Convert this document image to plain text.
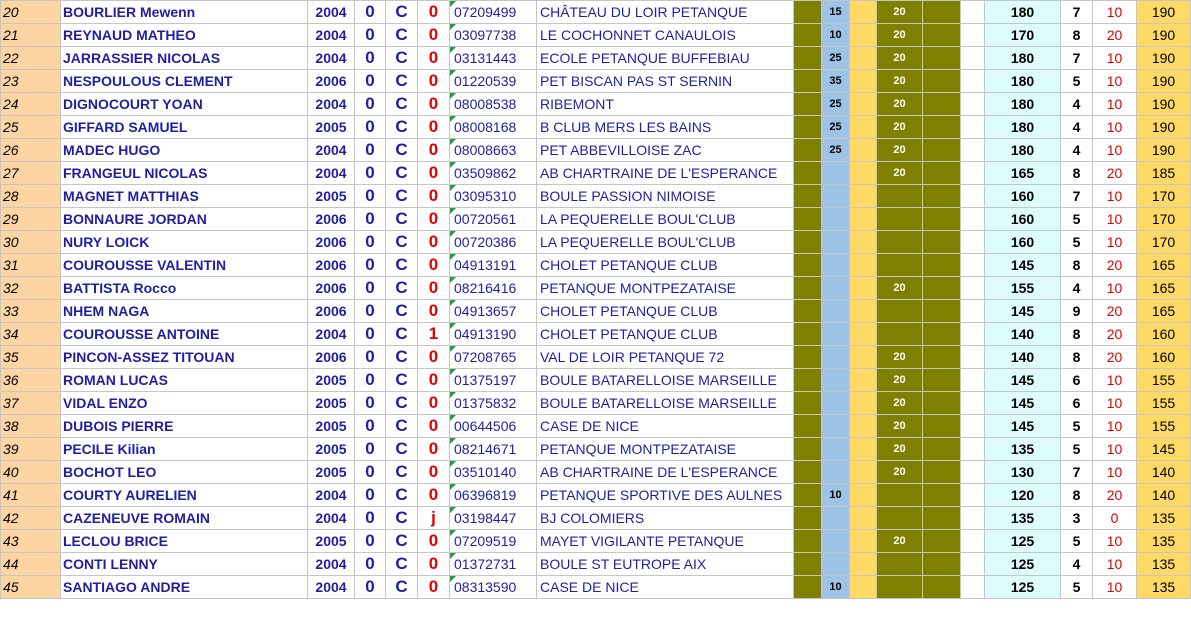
20	BOURLIER Mewenn	2004	0	C	0	07209499	CHÂTEAU DU LOIR PETANQUE		15		20			180	7	10	190
21	REYNAUD MATHEO	2004	0	C	0	03097738	LE COCHONNET CANAULOIS		10		20			170	8	20	190
22	JARRASSIER NICOLAS	2004	0	C	0	03131443	ECOLE PETANQUE BUFFEBIAU		25		20			180	7	10	190
23	NESPOULOUS CLEMENT	2006	0	C	0	01220539	PET BISCAN PAS ST SERNIN		35		20			180	5	10	190
24	DIGNOCOURT YOAN	2004	0	C	0	08008538	RIBEMONT		25		20			180	4	10	190
25	GIFFARD SAMUEL	2005	0	C	0	08008168	B CLUB MERS LES BAINS		25		20			180	4	10	190
26	MADEC HUGO	2004	0	C	0	08008663	PET ABBEVILLOISE ZAC		25		20			180	4	10	190
27	FRANGEUL NICOLAS	2004	0	C	0	03509862	AB CHARTRAINE DE L'ESPERANCE				20			165	8	20	185
28	MAGNET MATTHIAS	2005	0	C	0	03095310	BOULE PASSION NIMOISE							160	7	10	170
29	BONNAURE JORDAN	2006	0	C	0	00720561	LA PEQUERELLE BOUL'CLUB							160	5	10	170
30	NURY LOICK	2006	0	C	0	00720386	LA PEQUERELLE BOUL'CLUB							160	5	10	170
31	COUROUSSE VALENTIN	2006	0	C	0	04913191	CHOLET PETANQUE CLUB							145	8	20	165
32	BATTISTA Rocco	2006	0	C	0	08216416	PETANQUE MONTPEZATAISE				20			155	4	10	165
33	NHEM NAGA	2006	0	C	0	04913657	CHOLET PETANQUE CLUB							145	9	20	165
34	COUROUSSE ANTOINE	2004	0	C	1	04913190	CHOLET PETANQUE CLUB							140	8	20	160
35	PINCON-ASSEZ TITOUAN	2006	0	C	0	07208765	VAL DE LOIR PETANQUE 72				20			140	8	20	160
36	ROMAN LUCAS	2005	0	C	0	01375197	BOULE BATARELLOISE MARSEILLE				20			145	6	10	155
37	VIDAL ENZO	2005	0	C	0	01375832	BOULE BATARELLOISE MARSEILLE				20			145	6	10	155
38	DUBOIS PIERRE	2005	0	C	0	00644506	CASE DE NICE				20			145	5	10	155
39	PECILE Kilian	2005	0	C	0	08214671	PETANQUE MONTPEZATAISE				20			135	5	10	145
40	BOCHOT LEO	2005	0	C	0	03510140	AB CHARTRAINE DE L'ESPERANCE				20			130	7	10	140
41	COURTY AURELIEN	2004	0	C	0	06396819	PETANQUE SPORTIVE DES AULNES		10					120	8	20	140
42	CAZENEUVE ROMAIN	2004	0	C	j	03198447	BJ COLOMIERS							135	3	0	135
43	LECLOU BRICE	2005	0	C	0	07209519	MAYET VIGILANTE PETANQUE				20			125	5	10	135
44	CONTI LENNY	2004	0	C	0	01372731	BOULE ST EUTROPE AIX							125	4	10	135
45	SANTIAGO ANDRE	2004	0	C	0	08313590	CASE DE NICE		10					125	5	10	135
